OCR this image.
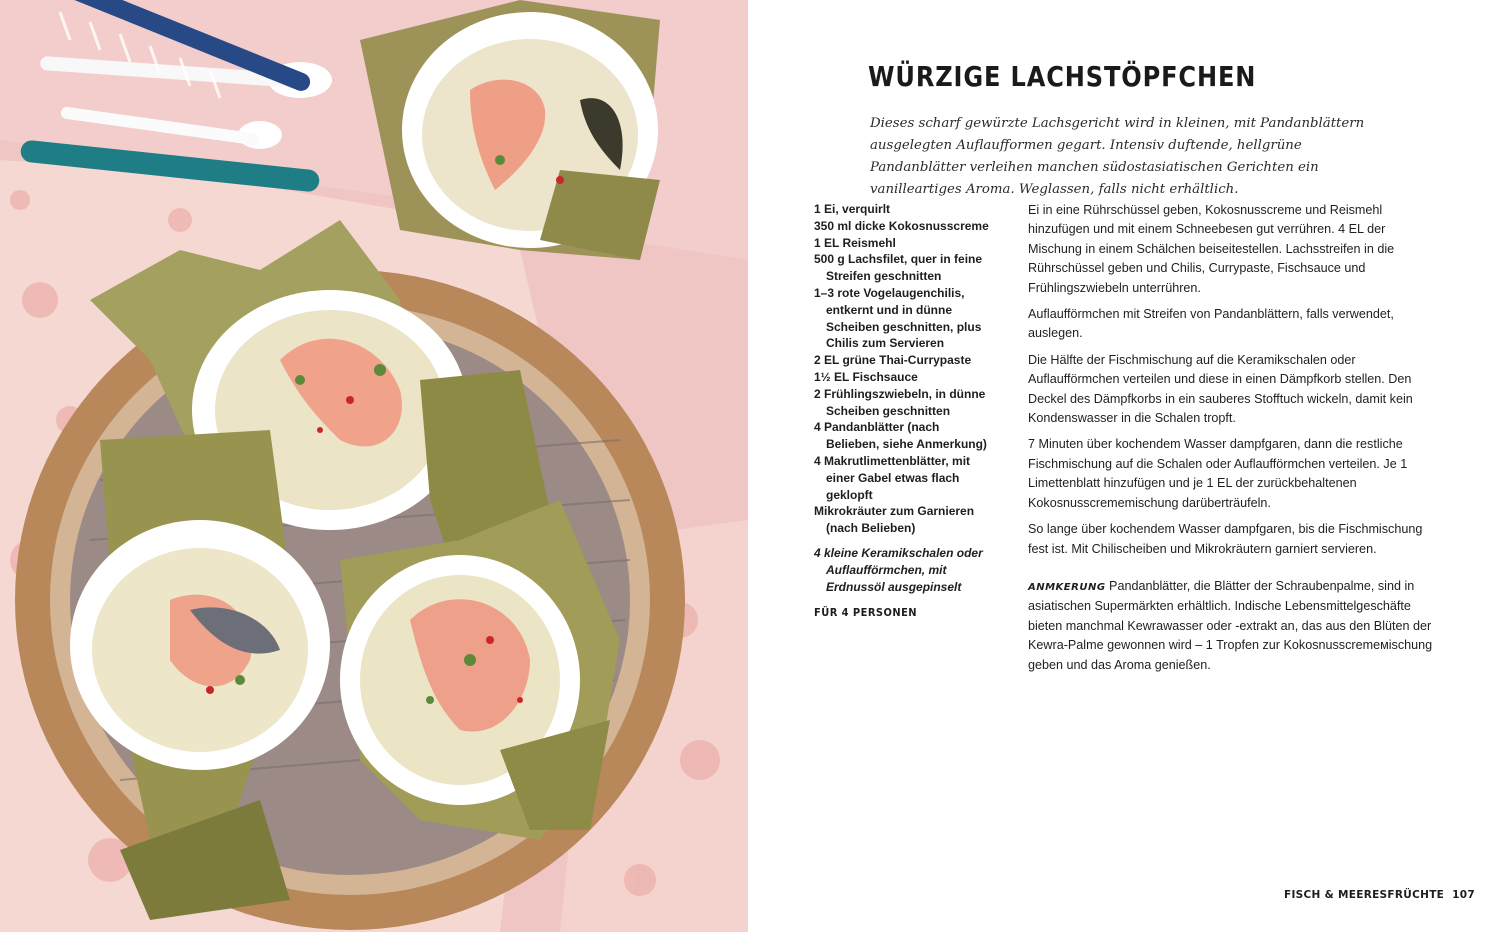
WÜRZIGE LACHSTÖPFCHEN

Dieses scharf gewürzte Lachsgericht wird in kleinen, mit Pandanblättern ausgelegten Auflaufformen gegart. Intensiv duftende, hellgrüne Pandanblätter verleihen manchen südostasiatischen Gerichten ein vanilleartiges Aroma. Weglassen, falls nicht erhältlich.

1 Ei, verquirlt
350 ml dicke Kokosnusscreme
1 EL Reismehl
500 g Lachsfilet, quer in feine Streifen geschnitten
1–3 rote Vogelaugenchilis, entkernt und in dünne Scheiben geschnitten, plus Chilis zum Servieren
2 EL grüne Thai-Currypaste
1½ EL Fischsauce
2 Frühlingszwiebeln, in dünne Scheiben geschnitten
4 Pandanblätter (nach Belieben, siehe Anmerkung)
4 Makrutlimettenblätter, mit einer Gabel etwas flach geklopft
Mikrokräuter zum Garnieren (nach Belieben)
4 kleine Keramikschalen oder Auflaufförmchen, mit Erdnussöl ausgepinselt
FÜR 4 PERSONEN

Ei in eine Rührschüssel geben, Kokosnusscreme und Reismehl hinzufügen und mit einem Schneebesen gut verrühren. 4 EL der Mischung in einem Schälchen beiseitestellen. Lachsstreifen in die Rührschüssel geben und Chilis, Currypaste, Fischsauce und Frühlingszwiebeln unterrühren.

Auflaufförmchen mit Streifen von Pandanblättern, falls verwendet, auslegen.

Die Hälfte der Fischmischung auf die Keramikschalen oder Auflaufförmchen verteilen und diese in einen Dämpfkorb stellen. Den Deckel des Dämpfkorbs in ein sauberes Stofftuch wickeln, damit kein Kondenswasser in die Schalen tropft.

7 Minuten über kochendem Wasser dampfgaren, dann die restliche Fischmischung auf die Schalen oder Auflaufförmchen verteilen. Je 1 Limettenblatt hinzufügen und je 1 EL der zurückbehaltenen Kokosnusscrememischung darüberträufeln.

So lange über kochendem Wasser dampfgaren, bis die Fischmischung fest ist. Mit Chilischeiben und Mikrokräutern garniert servieren.

ANMKERUNG Pandanblätter, die Blätter der Schraubenpalme, sind in asiatischen Supermärkten erhältlich. Indische Lebensmittelgeschäfte bieten manchmal Kewrawasser oder -extrakt an, das aus den Blüten der Kewra-Palme gewonnen wird – 1 Tropfen zur Kokosnusscremeмischung geben und das Aroma genießen.

FISCH & MEERESFRÜCHTE 107
